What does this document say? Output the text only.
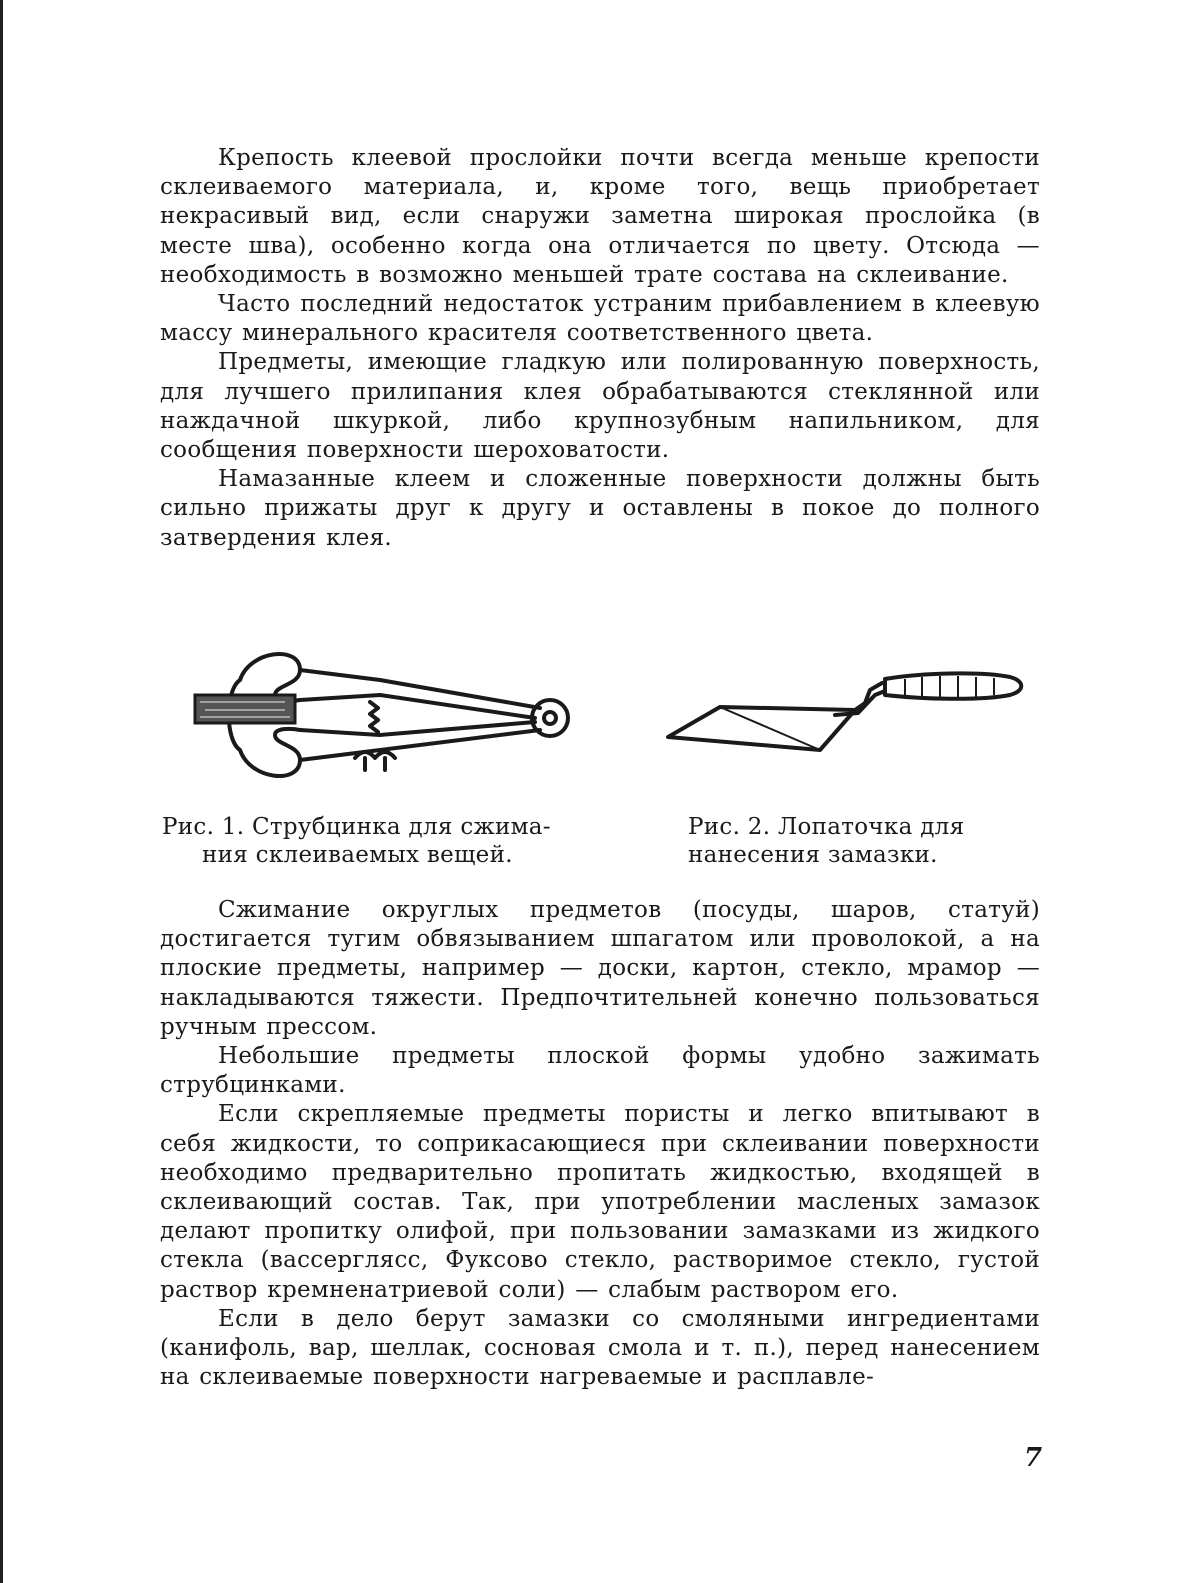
Крепость клеевой прослойки почти всегда меньше крепости склеиваемого материала, и, кроме того, вещь приобретает некрасивый вид, если снаружи заметна широкая прослойка (в месте шва), особенно когда она отличается по цвету. Отсюда — необходимость в возможно меньшей трате состава на склеивание.

Часто последний недостаток устраним прибавлением в клеевую массу минерального красителя соответственного цвета.

Предметы, имеющие гладкую или полированную поверхность, для лучшего прилипания клея обрабатываются стеклянной или наждачной шкуркой, либо крупнозубным напильником, для сообщения поверхности шероховатости.

Намазанные клеем и сложенные поверхности должны быть сильно прижаты друг к другу и оставлены в покое до полного затвердения клея.

Рис. 1. Струбцинка для сжима-
ния склеиваемых вещей.
Рис. 2. Лопаточка для
нанесения замазки.

Сжимание округлых предметов (посуды, шаров, статуй) достигается тугим обвязыванием шпагатом или проволокой, а на плоские предметы, например — доски, картон, стекло, мрамор — накладываются тяжести. Предпочтительней конечно пользоваться ручным прессом.

Небольшие предметы плоской формы удобно зажимать струбцинками.

Если скрепляемые предметы пористы и легко впитывают в себя жидкости, то соприкасающиеся при склеивании поверхности необходимо предварительно пропитать жидкостью, входящей в склеивающий состав. Так, при употреблении масленых замазок делают пропитку олифой, при пользовании замазками из жидкого стекла (вассерглясс, Фуксово стекло, растворимое стекло, густой раствор кремненатриевой соли) — слабым раствором его.

Если в дело берут замазки со смоляными ингредиентами (канифоль, вар, шеллак, сосновая смола и т. п.), перед нанесением на склеиваемые поверхности нагреваемые и расплавле-

7
